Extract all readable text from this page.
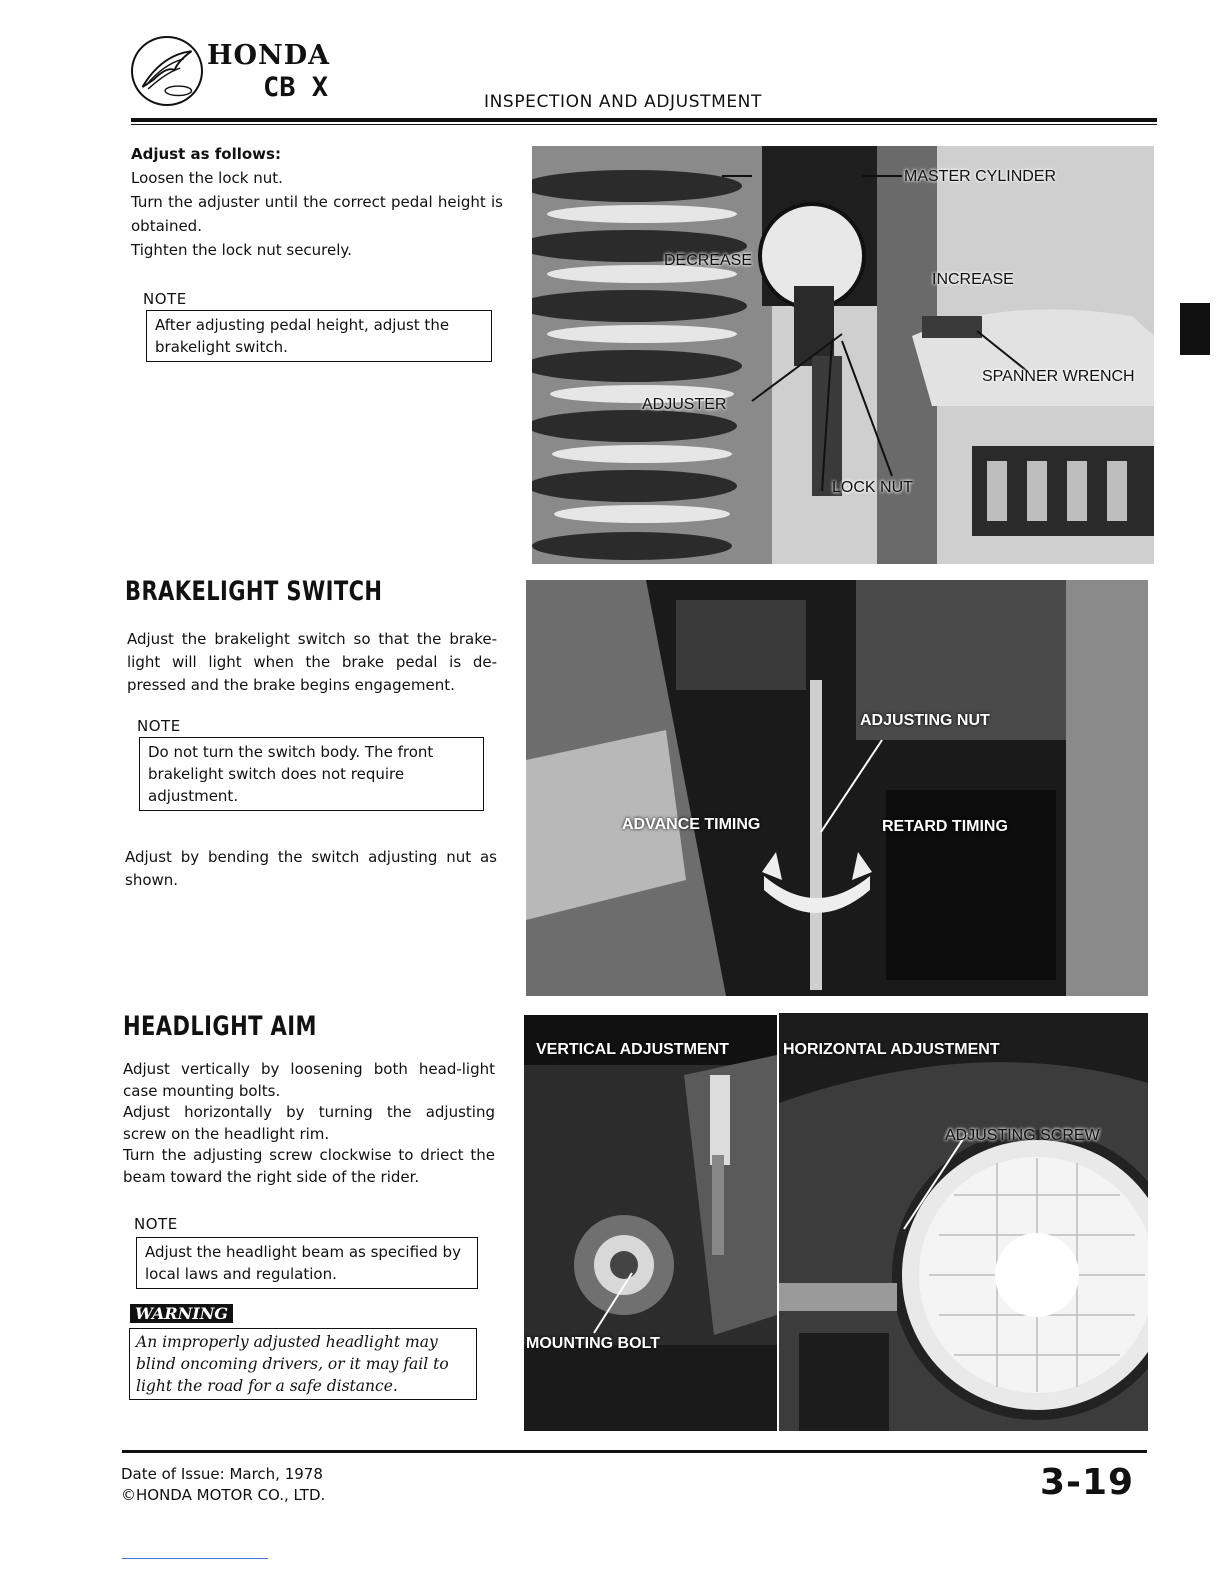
HONDA
CB X	INSPECTION AND ADJUSTMENT

Adjust as follows:

Loosen the lock nut.

Turn the adjuster until the correct pedal height is obtained.

Tighten the lock nut securely.

NOTE
After adjusting pedal height, adjust the brakelight switch.
BRAKELIGHT SWITCH
Adjust the brakelight switch so that the brake-light will light when the brake pedal is de-pressed and the brake begins engagement.
NOTE
Do not turn the switch body. The front brakelight switch does not require adjustment.
Adjust by bending the switch adjusting nut as shown.
HEADLIGHT AIM

Adjust vertically by loosening both head-light case mounting bolts.

Adjust horizontally by turning the adjusting screw on the headlight rim.

Turn the adjusting screw clockwise to driect the beam toward the right side of the rider.

NOTE
Adjust the headlight beam as specified by local laws and regulation.
WARNING
An improperly adjusted headlight may blind oncoming drivers, or it may fail to light the road for a safe distance.
MASTER CYLINDER
DECREASE
INCREASE
SPANNER WRENCH
ADJUSTER
LOCK NUT
ADJUSTING NUT
ADVANCE TIMING	RETARD TIMING
VERTICAL ADJUSTMENT
MOUNTING BOLT
HORIZONTAL ADJUSTMENT
ADJUSTING SCREW
Date of Issue: March, 1978
©HONDA MOTOR CO., LTD.	3-19
